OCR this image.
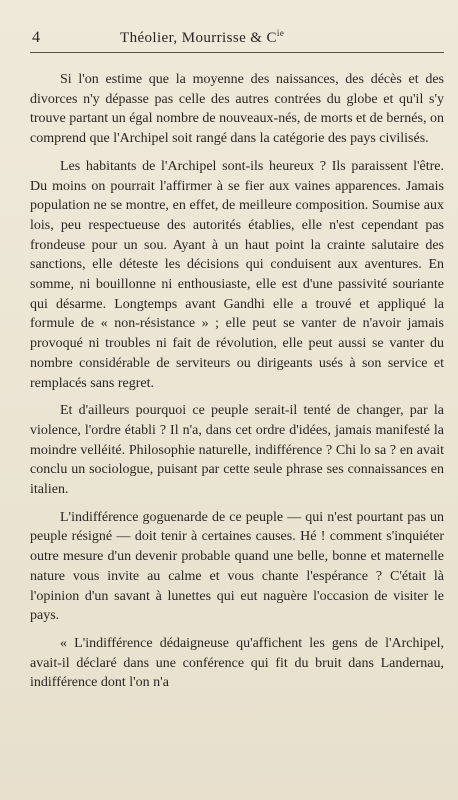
4	Théolier, Mourrisse & $C^{ie}$

Si l'on estime que la moyenne des naissances, des décès et des divorces n'y dépasse pas celle des autres contrées du globe et qu'il s'y trouve partant un égal nombre de nouveaux-nés, de morts et de bernés, on comprend que l'Archipel soit rangé dans la catégorie des pays civilisés.

Les habitants de l'Archipel sont-ils heureux ? Ils paraissent l'être. Du moins on pourrait l'affirmer à se fier aux vaines apparences. Jamais population ne se montre, en effet, de meilleure composition. Soumise aux lois, peu respectueuse des autorités établies, elle n'est cependant pas frondeuse pour un sou. Ayant à un haut point la crainte salutaire des sanctions, elle déteste les décisions qui conduisent aux aventures. En somme, ni bouillonne ni enthousiaste, elle est d'une passivité souriante qui désarme. Longtemps avant Gandhi elle a trouvé et appliqué la formule de « non-résistance » ; elle peut se vanter de n'avoir jamais provoqué ni troubles ni fait de révolution, elle peut aussi se vanter du nombre considérable de serviteurs ou dirigeants usés à son service et remplacés sans regret.

Et d'ailleurs pourquoi ce peuple serait-il tenté de changer, par la violence, l'ordre établi ? Il n'a, dans cet ordre d'idées, jamais manifesté la moindre velléité. Philosophie naturelle, indifférence ? Chi lo sa ? en avait conclu un sociologue, puisant par cette seule phrase ses connaissances en italien.

L'indifférence goguenarde de ce peuple — qui n'est pourtant pas un peuple résigné — doit tenir à certaines causes. Hé ! comment s'inquiéter outre mesure d'un devenir probable quand une belle, bonne et maternelle nature vous invite au calme et vous chante l'espérance ? C'était là l'opinion d'un savant à lunettes qui eut naguère l'occasion de visiter le pays.

« L'indifférence dédaigneuse qu'affichent les gens de l'Archipel, avait-il déclaré dans une conférence qui fit du bruit dans Landernau, indifférence dont l'on n'a
